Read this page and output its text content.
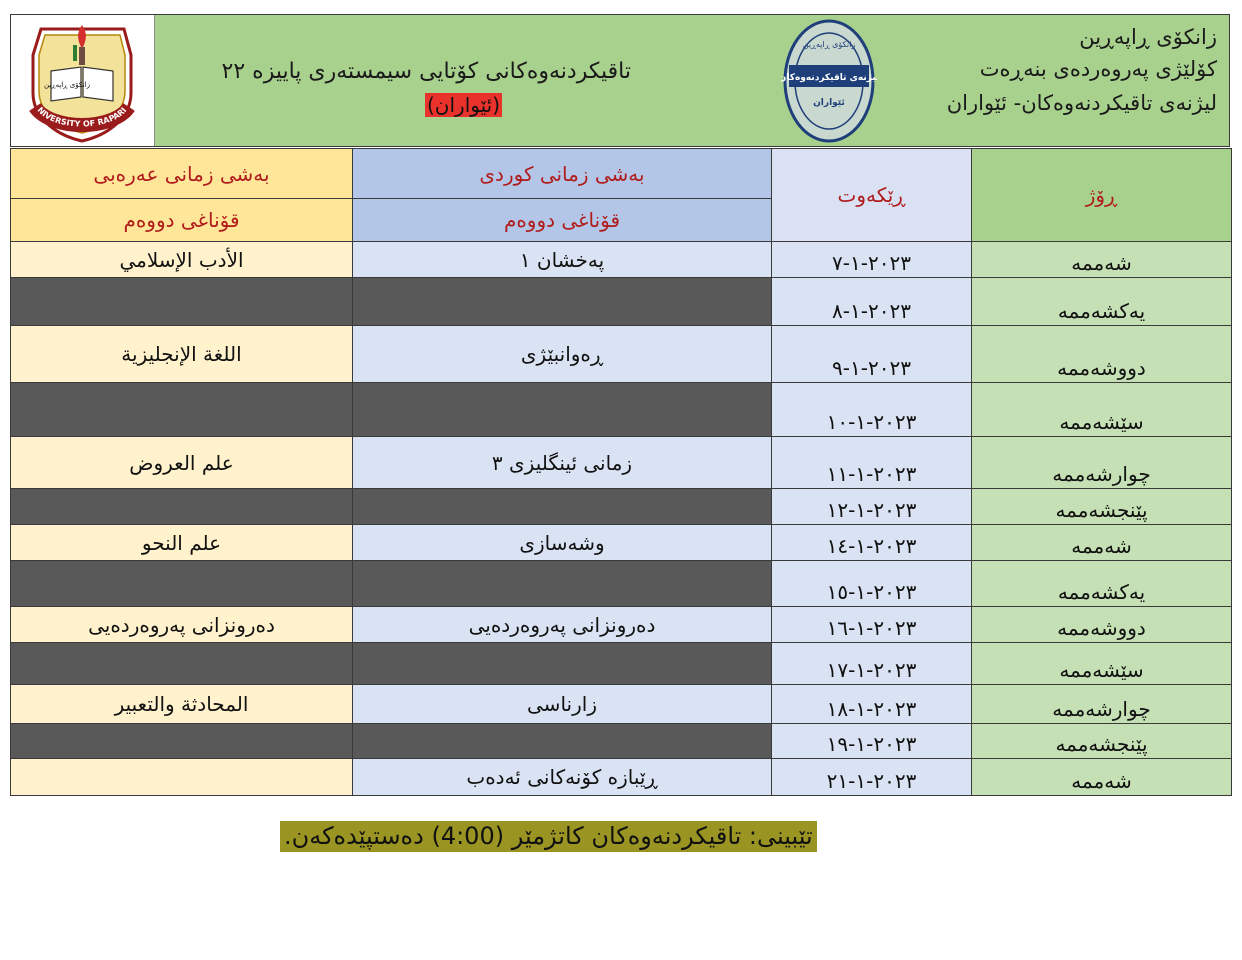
زانكۆی ڕاپەڕین
NIVERSITY OF RAPARI
لیژنەی تاقیكردنەوەكان
ئێواران
زانكۆی ڕاپەڕین
تاقیكردنەوەكانی كۆتایی سیمستەری پاییزە ٢٢
(ئێواران)
زانكۆی ڕاپەڕین
كۆلێژی پەروەردەی بنەڕەت
لیژنەی تاقیكردنەوەكان- ئێواران
بەشی زمانی عەرەبی	بەشی زمانی كوردی	ڕێكەوت	ڕۆژ
قۆناغی دووەم	قۆناغی دووەم		
الأدب الإسلامي	پەخشان ١	٢٠٢٣-١-٧	شەممە
		٢٠٢٣-١-٨	یەكشەممە
اللغة الإنجليزية	ڕەوانبێژی	٢٠٢٣-١-٩	دووشەممە
		٢٠٢٣-١-١٠	سێشەممە
علم العروض	زمانی ئینگلیزی ٣	٢٠٢٣-١-١١	چوارشەممە
		٢٠٢٣-١-١٢	پێنجشەممە
علم النحو	وشەسازی	٢٠٢٣-١-١٤	شەممە
		٢٠٢٣-١-١٥	یەكشەممە
دەرونزانی پەروەردەیی	دەرونزانی پەروەردەیی	٢٠٢٣-١-١٦	دووشەممە
		٢٠٢٣-١-١٧	سێشەممە
المحادثة والتعبير	زارناسی	٢٠٢٣-١-١٨	چوارشەممە
		٢٠٢٣-١-١٩	پێنجشەممە
	ڕێبازە كۆنەكانی ئەدەب	٢٠٢٣-١-٢١	شەممە
تێبینی: تاقیكردنەوەكان كاتژمێر (4:00) دەستپێدەكەن.
